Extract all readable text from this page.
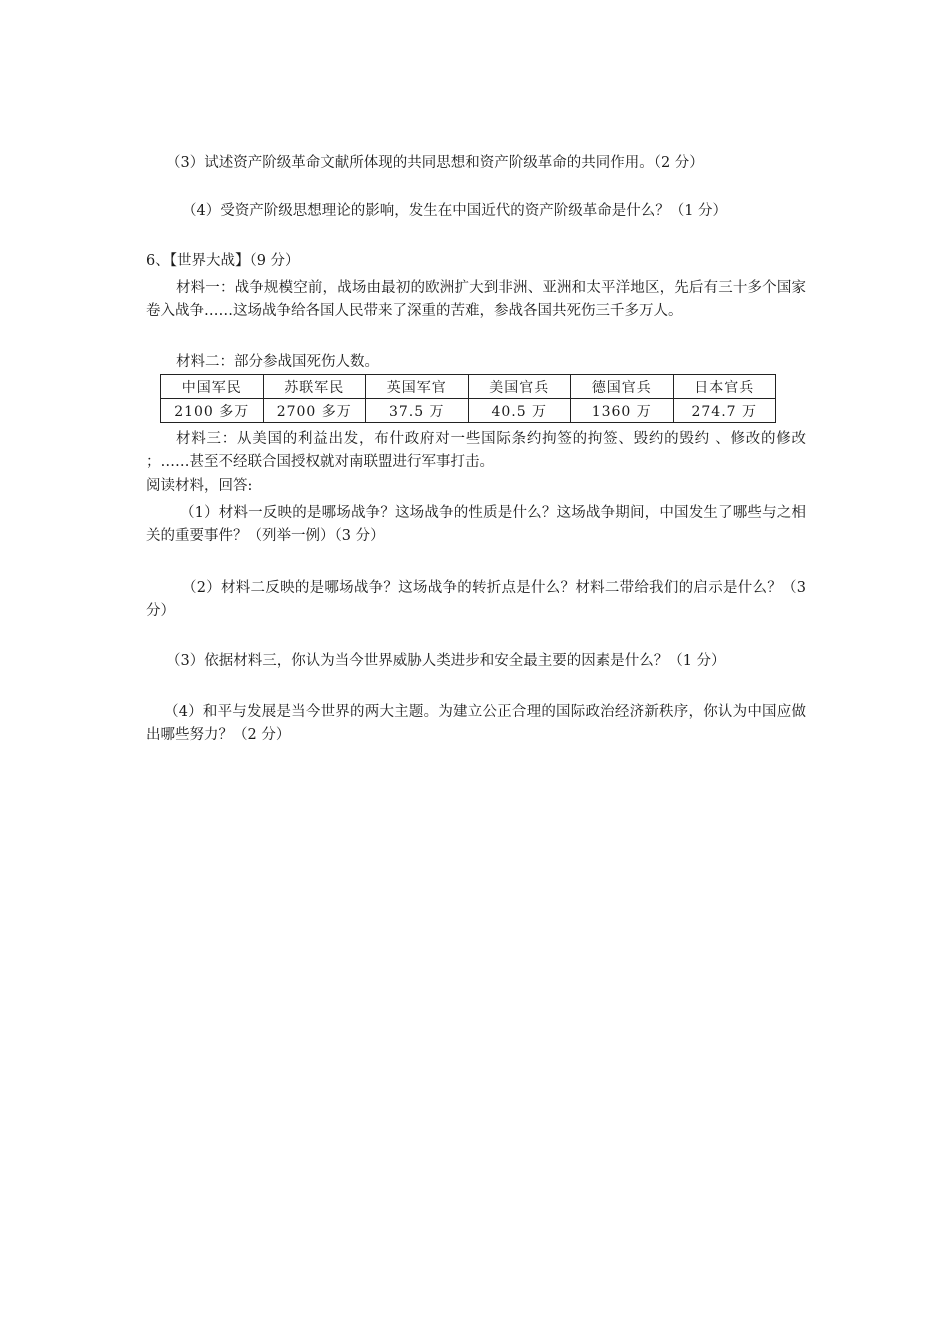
（3）试述资产阶级革命文献所体现的共同思想和资产阶级革命的共同作用。（2 分）
（4）受资产阶级思想理论的影响，发生在中国近代的资产阶级革命是什么？（1 分）
6、【世界大战】（9 分）
材料一：战争规模空前，战场由最初的欧洲扩大到非洲、亚洲和太平洋地区，先后有三十多个国家卷入战争……这场战争给各国人民带来了深重的苦难，参战各国共死伤三千多万人。
材料二：部分参战国死伤人数。
中国军民	苏联军民	英国军官	美国官兵	德国官兵	日本官兵
2100 多万	2700 多万	37.5 万	40.5 万	1360 万	274.7 万
材料三：从美国的利益出发，布什政府对一些国际条约拘签的拘签、毁约的毁约 、修改的修改 ；……甚至不经联合国授权就对南联盟进行军事打击。
阅读材料，回答:
（1）材料一反映的是哪场战争？这场战争的性质是什么？这场战争期间，中国发生了哪些与之相关的重要事件？（列举一例）（3 分）
（2）材料二反映的是哪场战争？这场战争的转折点是什么？材料二带给我们的启示是什么？（3 分）
（3）依据材料三，你认为当今世界威胁人类进步和安全最主要的因素是什么？（1 分）
（4）和平与发展是当今世界的两大主题。为建立公正合理的国际政治经济新秩序，你认为中国应做出哪些努力？（2 分）
